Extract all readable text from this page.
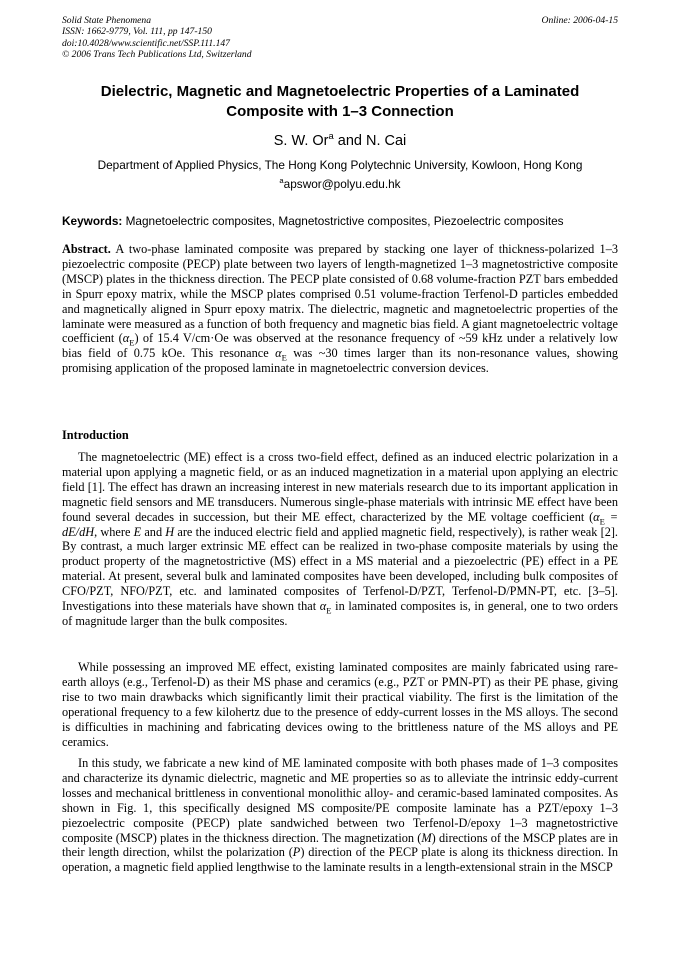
Solid State Phenomena
ISSN: 1662-9779, Vol. 111, pp 147-150
doi:10.4028/www.scientific.net/SSP.111.147
© 2006 Trans Tech Publications Ltd, Switzerland
Online: 2006-04-15
Dielectric, Magnetic and Magnetoelectric Properties of a Laminated
Composite with 1–3 Connection
S. W. Or$^a$ and N. Cai
Department of Applied Physics, The Hong Kong Polytechnic University, Kowloon, Hong Kong
$^a$apswor@polyu.edu.hk
Keywords: Magnetoelectric composites, Magnetostrictive composites, Piezoelectric composites
Abstract. A two-phase laminated composite was prepared by stacking one layer of thickness-polarized 1–3 piezoelectric composite (PECP) plate between two layers of length-magnetized 1–3 magnetostrictive composite (MSCP) plates in the thickness direction. The PECP plate consisted of 0.68 volume-fraction PZT bars embedded in Spurr epoxy matrix, while the MSCP plates comprised 0.51 volume-fraction Terfenol-D particles embedded and magnetically aligned in Spurr epoxy matrix. The dielectric, magnetic and magnetoelectric properties of the laminate were measured as a function of both frequency and magnetic bias field. A giant magnetoelectric voltage coefficient $(\alpha_E)$ of 15.4 V/cm·Oe was observed at the resonance frequency of ~59 kHz under a relatively low bias field of 0.75 kOe. This resonance $\alpha_E$ was ~30 times larger than its non-resonance values, showing promising application of the proposed laminate in magnetoelectric conversion devices.
Introduction
The magnetoelectric (ME) effect is a cross two-field effect, defined as an induced electric polarization in a material upon applying a magnetic field, or as an induced magnetization in a material upon applying an electric field [1]. The effect has drawn an increasing interest in new materials research due to its important application in magnetic field sensors and ME transducers. Numerous single-phase materials with intrinsic ME effect have been found several decades in succession, but their ME effect, characterized by the ME voltage coefficient ($\alpha_E = dE/dH$, where E and H are the induced electric field and applied magnetic field, respectively), is rather weak [2]. By contrast, a much larger extrinsic ME effect can be realized in two-phase composite materials by using the product property of the magnetostrictive (MS) effect in a MS material and a piezoelectric (PE) effect in a PE material. At present, several bulk and laminated composites have been developed, including bulk composites of CFO/PZT, NFO/PZT, etc. and laminated composites of Terfenol-D/PZT, Terfenol-D/PMN-PT, etc. [3–5]. Investigations into these materials have shown that $\alpha_E$ in laminated composites is, in general, one to two orders of magnitude larger than the bulk composites.
While possessing an improved ME effect, existing laminated composites are mainly fabricated using rare-earth alloys (e.g., Terfenol-D) as their MS phase and ceramics (e.g., PZT or PMN-PT) as their PE phase, giving rise to two main drawbacks which significantly limit their practical viability. The first is the limitation of the operational frequency to a few kilohertz due to the presence of eddy-current losses in the MS alloys. The second is difficulties in machining and fabricating devices owing to the brittleness nature of the MS alloys and PE ceramics.
In this study, we fabricate a new kind of ME laminated composite with both phases made of 1–3 composites and characterize its dynamic dielectric, magnetic and ME properties so as to alleviate the intrinsic eddy-current losses and mechanical brittleness in conventional monolithic alloy- and ceramic-based laminated composites. As shown in Fig. 1, this specifically designed MS composite/PE composite laminate has a PZT/epoxy 1–3 piezoelectric composite (PECP) plate sandwiched between two Terfenol-D/epoxy 1–3 magnetostrictive composite (MSCP) plates in the thickness direction. The magnetization (M) directions of the MSCP plates are in their length direction, whilst the polarization (P) direction of the PECP plate is along its thickness direction. In operation, a magnetic field applied lengthwise to the laminate results in a length-extensional strain in the MSCP
